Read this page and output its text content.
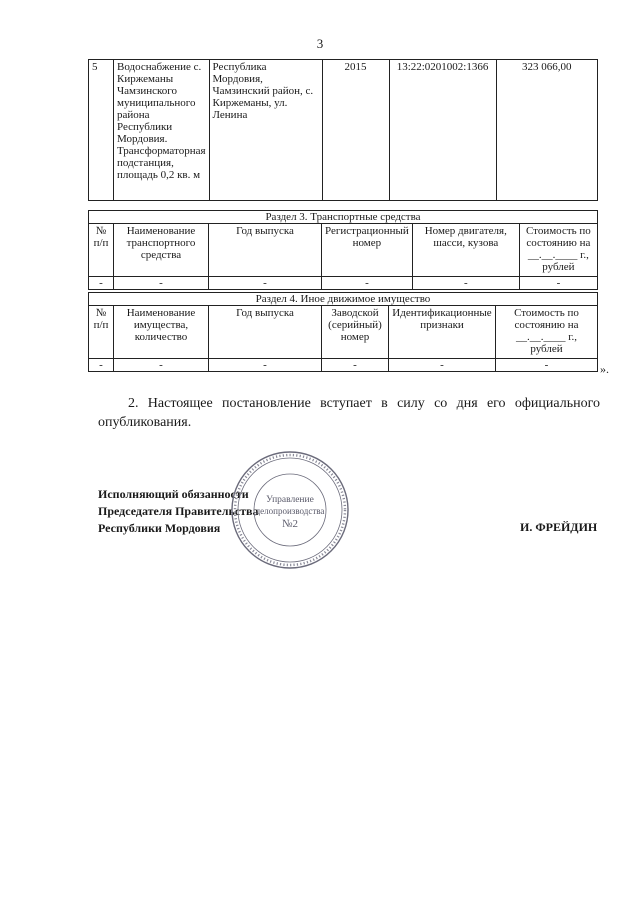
3
5	Водоснабжение с. Киржеманы Чамзинского муниципального района Республики Мордовия. Трансформаторная подстанция, площадь 0,2 кв. м	Республика Мордовия, Чамзинский район, с. Киржеманы, ул. Ленина	2015	13:22:0201002:1366	323 066,00
Раздел 3. Транспортные средства					
№ п/п	Наименование транспортного средства	Год выпуска	Регистрационный номер	Номер двигателя, шасси, кузова	Стоимость по состоянию на __.__.____ г., рублей
-	-	-	-	-	-
Раздел 4. Иное движимое имущество					
№ п/п	Наименование имущества, количество	Год выпуска	Заводской (серийный) номер	Идентификационные признаки	Стоимость по состоянию на __.__.____ г., рублей
-	-	-	-	-	-	».
2. Настоящее постановление вступает в силу со дня его официального опубликования.
Исполняющий обязанности
Председателя Правительства
Республики Мордовия	И. ФРЕЙДИН
Управление
делопроизводства
№2
